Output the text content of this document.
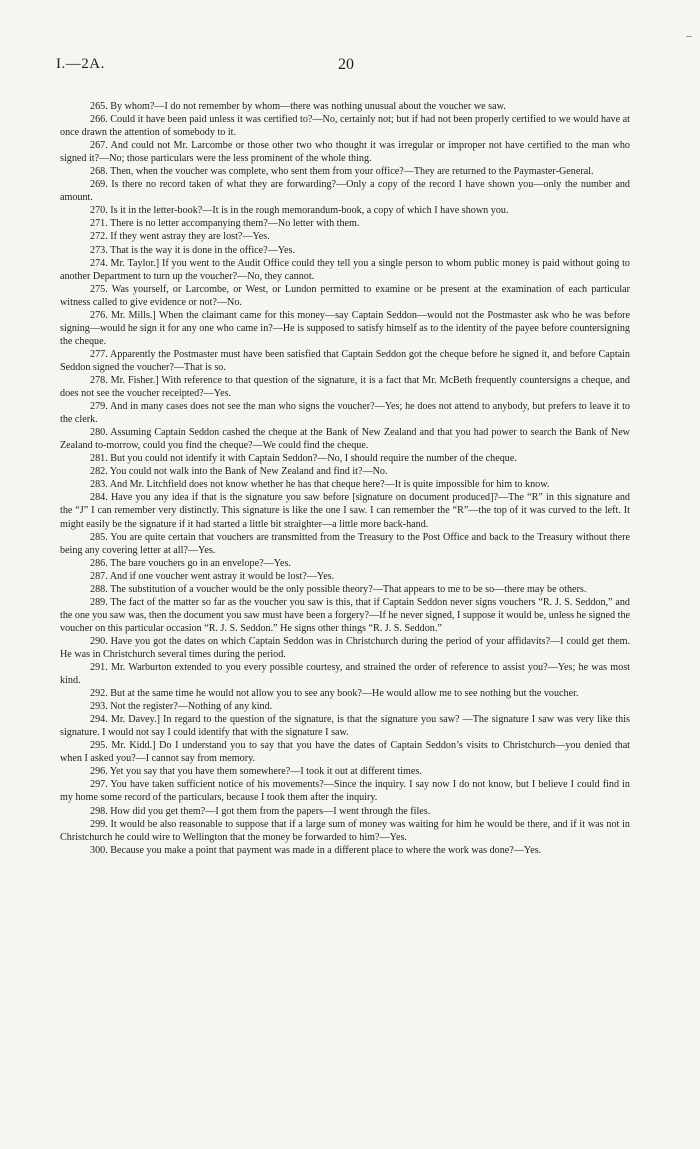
I.—2A.	20

265. By whom?—I do not remember by whom—there was nothing unusual about the voucher we saw.

266. Could it have been paid unless it was certified to?—No, certainly not; but if had not been properly certified to we would have at once drawn the attention of somebody to it.

267. And could not Mr. Larcombe or those other two who thought it was irregular or improper not have certified to the man who signed it?—No; those particulars were the less prominent of the whole thing.

268. Then, when the voucher was complete, who sent them from your office?—They are returned to the Paymaster-General.

269. Is there no record taken of what they are forwarding?—Only a copy of the record I have shown you—only the number and amount.

270. Is it in the letter-book?—It is in the rough memorandum-book, a copy of which I have shown you.

271. There is no letter accompanying them?—No letter with them.

272. If they went astray they are lost?—Yes.

273. That is the way it is done in the office?—Yes.

274. Mr. Taylor.] If you went to the Audit Office could they tell you a single person to whom public money is paid without going to another Department to turn up the voucher?—No, they cannot.

275. Was yourself, or Larcombe, or West, or Lundon permitted to examine or be present at the examination of each particular witness called to give evidence or not?—No.

276. Mr. Mills.] When the claimant came for this money—say Captain Seddon—would not the Postmaster ask who he was before signing—would he sign it for any one who came in?—He is supposed to satisfy himself as to the identity of the payee before countersigning the cheque.

277. Apparently the Postmaster must have been satisfied that Captain Seddon got the cheque before he signed it, and before Captain Seddon signed the voucher?—That is so.

278. Mr. Fisher.] With reference to that question of the signature, it is a fact that Mr. McBeth frequently countersigns a cheque, and does not see the voucher receipted?—Yes.

279. And in many cases does not see the man who signs the voucher?—Yes; he does not attend to anybody, but prefers to leave it to the clerk.

280. Assuming Captain Seddon cashed the cheque at the Bank of New Zealand and that you had power to search the Bank of New Zealand to-morrow, could you find the cheque?—We could find the cheque.

281. But you could not identify it with Captain Seddon?—No, I should require the number of the cheque.

282. You could not walk into the Bank of New Zealand and find it?—No.

283. And Mr. Litchfield does not know whether he has that cheque here?—It is quite impossible for him to know.

284. Have you any idea if that is the signature you saw before [signature on document produced]?—The “R” in this signature and the “J” I can remember very distinctly. This signature is like the one I saw. I can remember the “R”—the top of it was curved to the left. It might easily be the signature if it had started a little bit straighter—a little more back-hand.

285. You are quite certain that vouchers are transmitted from the Treasury to the Post Office and back to the Treasury without there being any covering letter at all?—Yes.

286. The bare vouchers go in an envelope?—Yes.

287. And if one voucher went astray it would be lost?—Yes.

288. The substitution of a voucher would be the only possible theory?—That appears to me to be so—there may be others.

289. The fact of the matter so far as the voucher you saw is this, that if Captain Seddon never signs vouchers “R. J. S. Seddon,” and the one you saw was, then the document you saw must have been a forgery?—If he never signed, I suppose it would be, unless he signed the voucher on this particular occasion “R. J. S. Seddon.” He signs other things “R. J. S. Seddon.”

290. Have you got the dates on which Captain Seddon was in Christchurch during the period of your affidavits?—I could get them. He was in Christchurch several times during the period.

291. Mr. Warburton extended to you every possible courtesy, and strained the order of reference to assist you?—Yes; he was most kind.

292. But at the same time he would not allow you to see any book?—He would allow me to see nothing but the voucher.

293. Not the register?—Nothing of any kind.

294. Mr. Davey.] In regard to the question of the signature, is that the signature you saw? —The signature I saw was very like this signature. I would not say I could identify that with the signature I saw.

295. Mr. Kidd.] Do I understand you to say that you have the dates of Captain Seddon’s visits to Christchurch—you denied that when I asked you?—I cannot say from memory.

296. Yet you say that you have them somewhere?—I took it out at different times.

297. You have taken sufficient notice of his movements?—Since the inquiry. I say now I do not know, but I believe I could find in my home some record of the particulars, because I took them after the inquiry.

298. How did you get them?—I got them from the papers—I went through the files.

299. It would be also reasonable to suppose that if a large sum of money was waiting for him he would be there, and if it was not in Christchurch he could wire to Wellington that the money be forwarded to him?—Yes.

300. Because you make a point that payment was made in a different place to where the work was done?—Yes.
